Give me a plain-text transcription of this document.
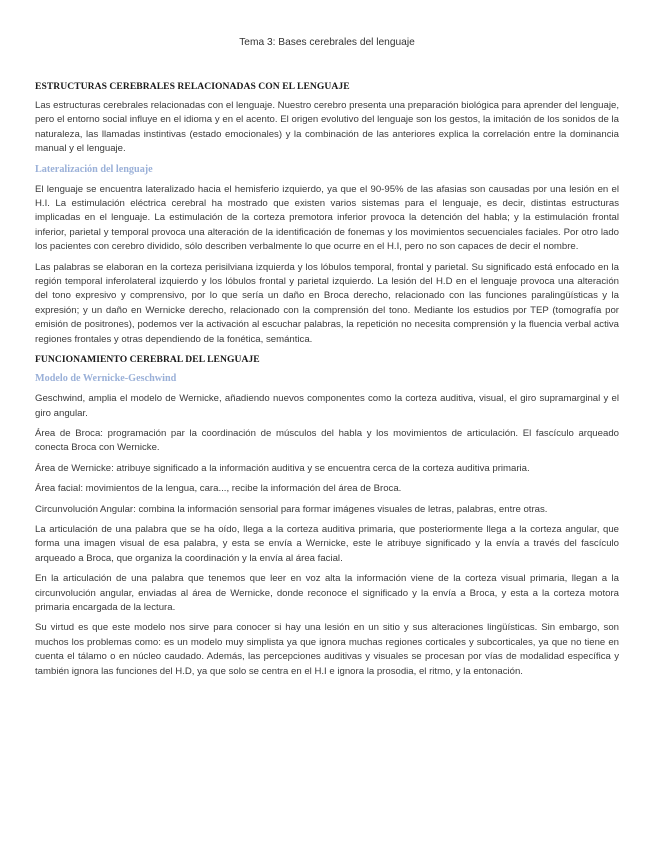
Tema 3: Bases cerebrales del lenguaje
ESTRUCTURAS CEREBRALES RELACIONADAS CON EL LENGUAJE

Las estructuras cerebrales relacionadas con el lenguaje. Nuestro cerebro presenta una preparación biológica para aprender del lenguaje, pero el entorno social influye en el idioma y en el acento. El origen evolutivo del lenguaje son los gestos, la imitación de los sonidos de la naturaleza, las llamadas instintivas (estado emocionales) y la combinación de las anteriores explica la correlación entre la dominancia manual y el lenguaje.

Lateralización del lenguaje

El lenguaje se encuentra lateralizado hacia el hemisferio izquierdo, ya que el 90-95% de las afasias son causadas por una lesión en el H.I. La estimulación eléctrica cerebral ha mostrado que existen varios sistemas para el lenguaje, es decir, distintas estructuras implicadas en el lenguaje. La estimulación de la corteza premotora inferior provoca la detención del habla; y la estimulación frontal inferior, parietal y temporal provoca una alteración de la identificación de fonemas y los movimientos secuenciales faciales. Por otro lado los pacientes con cerebro dividido, sólo describen verbalmente lo que ocurre en el H.I, pero no son capaces de decir el nombre.

Las palabras se elaboran en la corteza perisilviana izquierda y los lóbulos temporal, frontal y parietal. Su significado está enfocado en la región temporal inferolateral izquierdo y los lóbulos frontal y parietal izquierdo. La lesión del H.D en el lenguaje provoca una alteración del tono expresivo y comprensivo, por lo que sería un daño en Broca derecho, relacionado con las funciones paralingüísticas y la expresión; y un daño en Wernicke derecho, relacionado con la comprensión del tono. Mediante los estudios por TEP (tomografía por emisión de positrones), podemos ver la activación al escuchar palabras, la repetición no necesita comprensión y la fluencia verbal activa regiones frontales y otras dependiendo de la fonética, semántica.

FUNCIONAMIENTO CEREBRAL DEL LENGUAJE
Modelo de Wernicke-Geschwind

Geschwind, amplia el modelo de Wernicke, añadiendo nuevos componentes como la corteza auditiva, visual, el giro supramarginal y el giro angular.

Área de Broca: programación par la coordinación de músculos del habla y los movimientos de articulación. El fascículo arqueado conecta Broca con Wernicke.

Área de Wernicke: atribuye significado a la información auditiva y se encuentra cerca de la corteza auditiva primaria.

Área facial: movimientos de la lengua, cara..., recibe la información del área de Broca.

Circunvolución Angular: combina la información sensorial para formar imágenes visuales de letras, palabras, entre otras.

La articulación de una palabra que se ha oído, llega a la corteza auditiva primaria, que posteriormente llega a la corteza angular, que forma una imagen visual de esa palabra, y esta se envía a Wernicke, este le atribuye significado y la envía a través del fascículo arqueado a Broca, que organiza la coordinación y la envía al área facial.

En la articulación de una palabra que tenemos que leer en voz alta la información viene de la corteza visual primaria, llegan a la circunvolución angular, enviadas al área de Wernicke, donde reconoce el significado y la envía a Broca, y esta a la corteza motora primaria encargada de la lectura.

Su virtud es que este modelo nos sirve para conocer si hay una lesión en un sitio y sus alteraciones lingüísticas. Sin embargo, son muchos los problemas como: es un modelo muy simplista ya que ignora muchas regiones corticales y subcorticales, ya que no tiene en cuenta el tálamo o en núcleo caudado. Además, las percepciones auditivas y visuales se procesan por vías de modalidad específica y también ignora las funciones del H.D, ya que solo se centra en el H.I e ignora la prosodia, el ritmo, y la entonación.
